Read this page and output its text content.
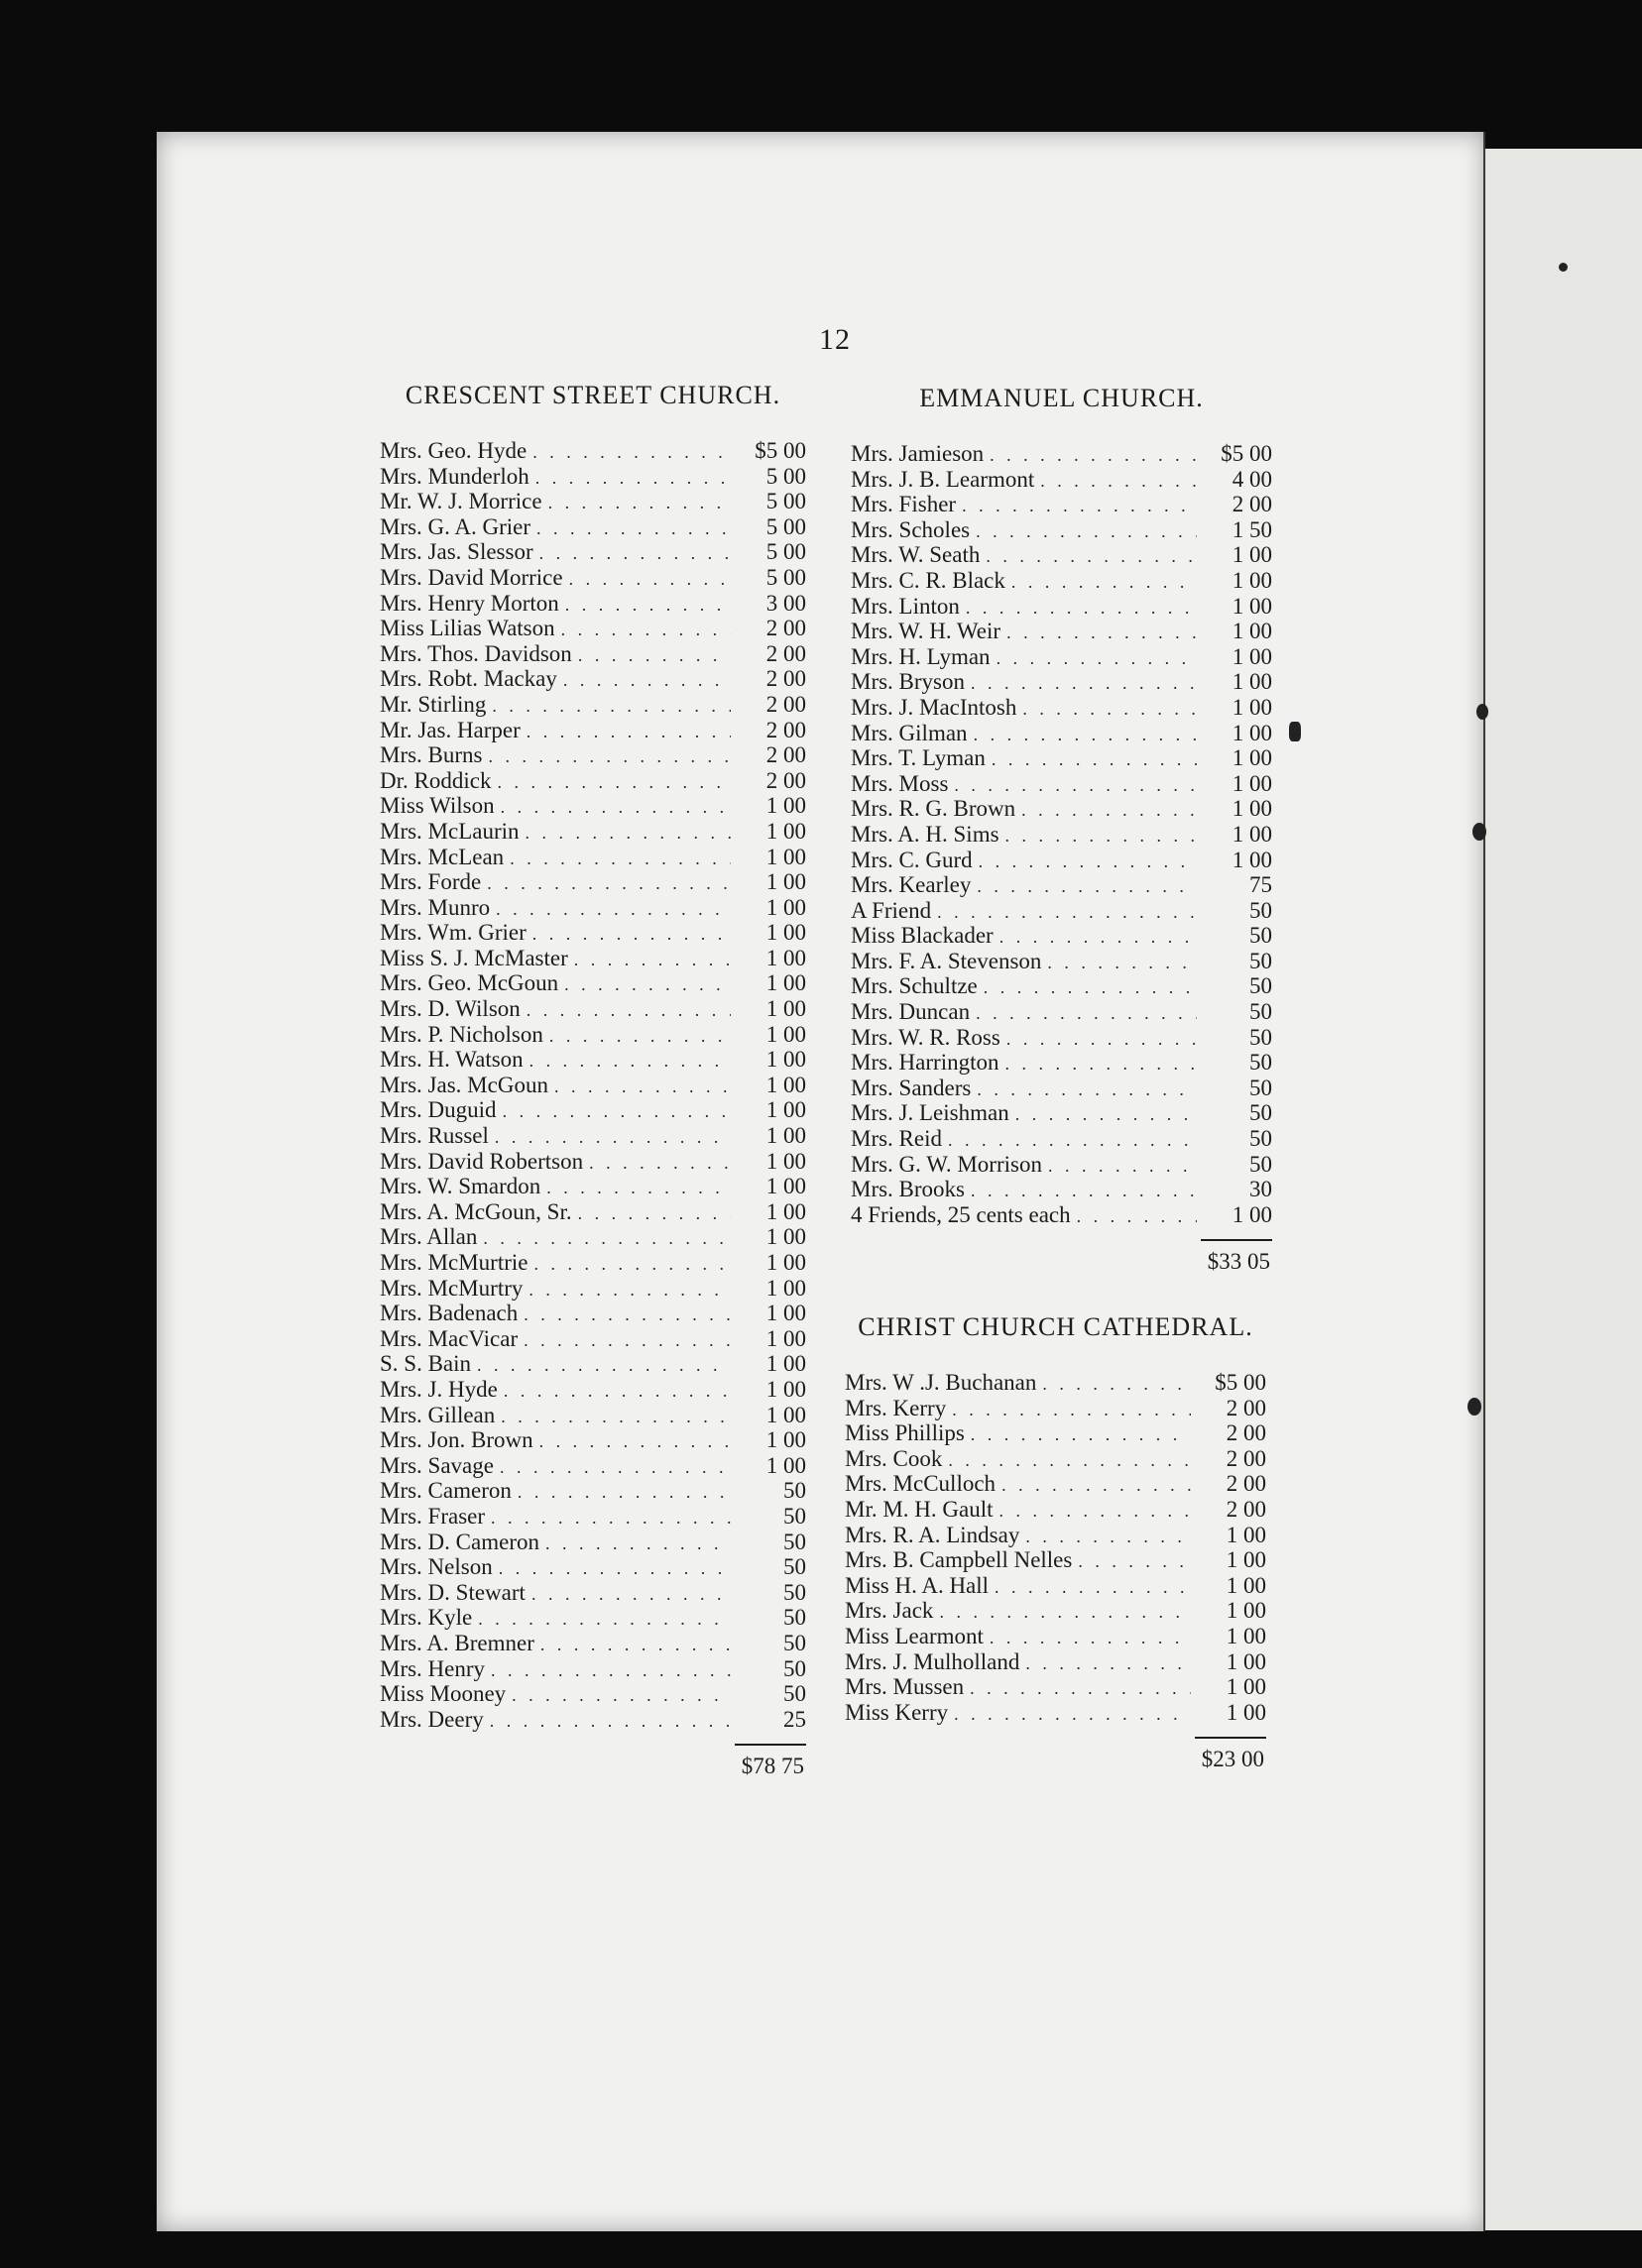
12
CRESCENT STREET CHURCH.
Mrs. Geo. Hyde . . .	$5 00
Mrs. Munderloh . . .	5 00
Mr. W. J. Morrice . . .	5 00
Mrs. G. A. Grier . . .	5 00
Mrs. Jas. Slessor . . .	5 00
Mrs. David Morrice . . .	5 00
Mrs. Henry Morton . . .	3 00
Miss Lilias Watson . . .	2 00
Mrs. Thos. Davidson . . .	2 00
Mrs. Robt. Mackay . . .	2 00
Mr. Stirling . . .	2 00
Mr. Jas. Harper . . .	2 00
Mrs. Burns . . .	2 00
Dr. Roddick . . .	2 00
Miss Wilson . . .	1 00
Mrs. McLaurin . . .	1 00
Mrs. McLean . . .	1 00
Mrs. Forde . . .	1 00
Mrs. Munro . . .	1 00
Mrs. Wm. Grier . . .	1 00
Miss S. J. McMaster . . .	1 00
Mrs. Geo. McGoun . . .	1 00
Mrs. D. Wilson . . .	1 00
Mrs. P. Nicholson . . .	1 00
Mrs. H. Watson . . .	1 00
Mrs. Jas. McGoun . . .	1 00
Mrs. Duguid . . .	1 00
Mrs. Russel . . .	1 00
Mrs. David Robertson . . .	1 00
Mrs. W. Smardon . . .	1 00
Mrs. A. McGoun, Sr. . . .	1 00
Mrs. Allan . . .	1 00
Mrs. McMurtrie . . .	1 00
Mrs. McMurtry . . .	1 00
Mrs. Badenach . . .	1 00
Mrs. MacVicar . . .	1 00
S. S. Bain . . .	1 00
Mrs. J. Hyde . . .	1 00
Mrs. Gillean . . .	1 00
Mrs. Jon. Brown . . .	1 00
Mrs. Savage . . .	1 00
Mrs. Cameron . . .	50
Mrs. Fraser . . .	50
Mrs. D. Cameron . . .	50
Mrs. Nelson . . .	50
Mrs. D. Stewart . . .	50
Mrs. Kyle . . .	50
Mrs. A. Bremner . . .	50
Mrs. Henry . . .	50
Miss Mooney . . .	50
Mrs. Deery . . .	25
$78 75
EMMANUEL CHURCH.
Mrs. Jamieson . . .	$5 00
Mrs. J. B. Learmont . . .	4 00
Mrs. Fisher . . .	2 00
Mrs. Scholes . . .	1 50
Mrs. W. Seath . . .	1 00
Mrs. C. R. Black . . .	1 00
Mrs. Linton . . .	1 00
Mrs. W. H. Weir . . .	1 00
Mrs. H. Lyman . . .	1 00
Mrs. Bryson . . .	1 00
Mrs. J. MacIntosh . . .	1 00
Mrs. Gilman . . .	1 00
Mrs. T. Lyman . . .	1 00
Mrs. Moss . . .	1 00
Mrs. R. G. Brown . . .	1 00
Mrs. A. H. Sims . . .	1 00
Mrs. C. Gurd . . .	1 00
Mrs. Kearley . . .	75
A Friend . . .	50
Miss Blackader . . .	50
Mrs. F. A. Stevenson . . .	50
Mrs. Schultze . . .	50
Mrs. Duncan . . .	50
Mrs. W. R. Ross . . .	50
Mrs. Harrington . . .	50
Mrs. Sanders . . .	50
Mrs. J. Leishman . . .	50
Mrs. Reid . . .	50
Mrs. G. W. Morrison . . .	50
Mrs. Brooks . . .	30
4 Friends, 25 cents each . . .	1 00
$33 05
CHRIST CHURCH CATHEDRAL.
Mrs. W .J. Buchanan . . .	$5 00
Mrs. Kerry . . .	2 00
Miss Phillips . . .	2 00
Mrs. Cook . . .	2 00
Mrs. McCulloch . . .	2 00
Mr. M. H. Gault . . .	2 00
Mrs. R. A. Lindsay . . .	1 00
Mrs. B. Campbell Nelles . . .	1 00
Miss H. A. Hall . . .	1 00
Mrs. Jack . . .	1 00
Miss Learmont . . .	1 00
Mrs. J. Mulholland . . .	1 00
Mrs. Mussen . . .	1 00
Miss Kerry . . .	1 00
$23 00
